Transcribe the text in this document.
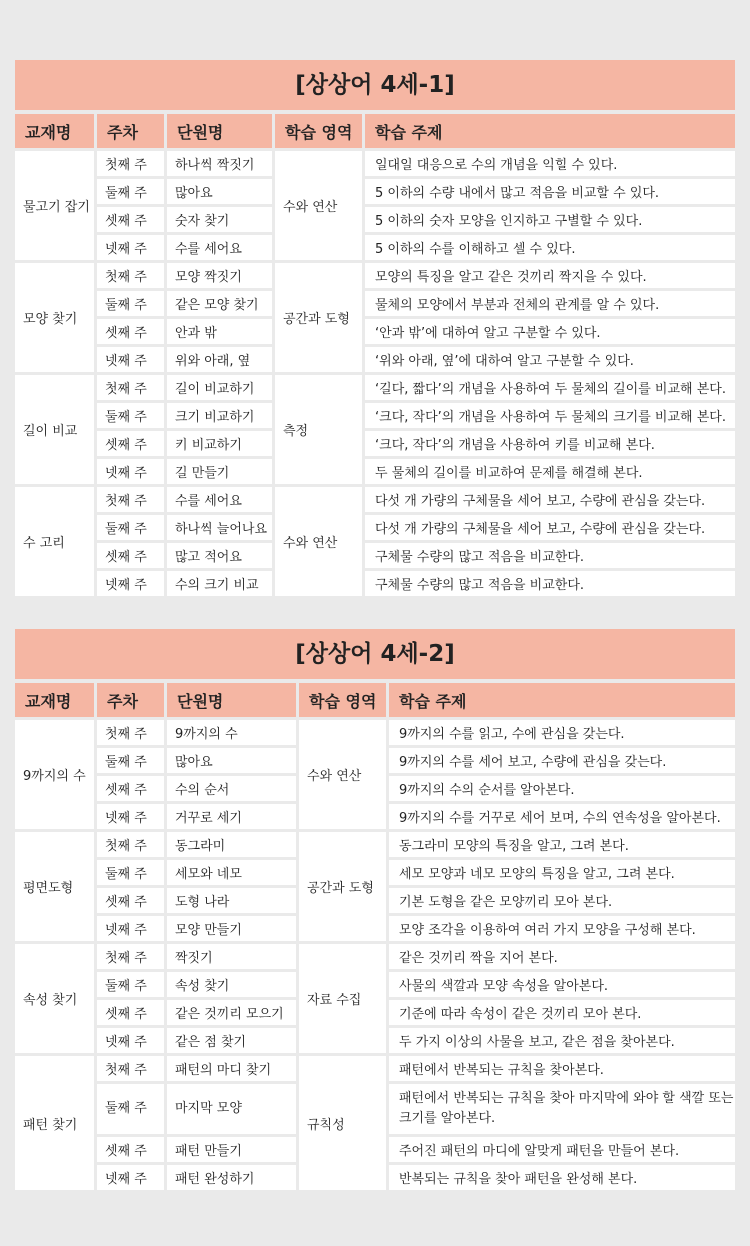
[상상어 4세-1]
교재명	주차	단원명	학습 영역	학습 주제
물고기 잡기	첫째 주	하나씩 짝짓기	수와 연산	일대일 대응으로 수의 개념을 익힐 수 있다.
	둘째 주	많아요		5 이하의 수량 내에서 많고 적음을 비교할 수 있다.
	셋째 주	숫자 찾기		5 이하의 숫자 모양을 인지하고 구별할 수 있다.
	넷째 주	수를 세어요		5 이하의 수를 이해하고 셀 수 있다.
모양 찾기	첫째 주	모양 짝짓기	공간과 도형	모양의 특징을 알고 같은 것끼리 짝지을 수 있다.
	둘째 주	같은 모양 찾기		물체의 모양에서 부분과 전체의 관계를 알 수 있다.
	셋째 주	안과 밖		‘안과 밖’에 대하여 알고 구분할 수 있다.
	넷째 주	위와 아래, 옆		‘위와 아래, 옆’에 대하여 알고 구분할 수 있다.
길이 비교	첫째 주	길이 비교하기	측정	‘길다, 짧다’의 개념을 사용하여 두 물체의 길이를 비교해 본다.
	둘째 주	크기 비교하기		‘크다, 작다’의 개념을 사용하여 두 물체의 크기를 비교해 본다.
	셋째 주	키 비교하기		‘크다, 작다’의 개념을 사용하여 키를 비교해 본다.
	넷째 주	길 만들기		두 물체의 길이를 비교하여 문제를 해결해 본다.
수 고리	첫째 주	수를 세어요	수와 연산	다섯 개 가량의 구체물을 세어 보고, 수량에 관심을 갖는다.
	둘째 주	하나씩 늘어나요		다섯 개 가량의 구체물을 세어 보고, 수량에 관심을 갖는다.
	셋째 주	많고 적어요		구체물 수량의 많고 적음을 비교한다.
	넷째 주	수의 크기 비교		구체물 수량의 많고 적음을 비교한다.
[상상어 4세-2]
교재명	주차	단원명	학습 영역	학습 주제
9까지의 수	첫째 주	9까지의 수	수와 연산	9까지의 수를 읽고, 수에 관심을 갖는다.
	둘째 주	많아요		9까지의 수를 세어 보고, 수량에 관심을 갖는다.
	셋째 주	수의 순서		9까지의 수의 순서를 알아본다.
	넷째 주	거꾸로 세기		9까지의 수를 거꾸로 세어 보며, 수의 연속성을 알아본다.
평면도형	첫째 주	동그라미	공간과 도형	동그라미 모양의 특징을 알고, 그려 본다.
	둘째 주	세모와 네모		세모 모양과 네모 모양의 특징을 알고, 그려 본다.
	셋째 주	도형 나라		기본 도형을 같은 모양끼리 모아 본다.
	넷째 주	모양 만들기		모양 조각을 이용하여 여러 가지 모양을 구성해 본다.
속성 찾기	첫째 주	짝짓기	자료 수집	같은 것끼리 짝을 지어 본다.
	둘째 주	속성 찾기		사물의 색깔과 모양 속성을 알아본다.
	셋째 주	같은 것끼리 모으기		기준에 따라 속성이 같은 것끼리 모아 본다.
	넷째 주	같은 점 찾기		두 가지 이상의 사물을 보고, 같은 점을 찾아본다.
패턴 찾기	첫째 주	패턴의 마디 찾기	규칙성	패턴에서 반복되는 규칙을 찾아본다.
	둘째 주	마지막 모양		패턴에서 반복되는 규칙을 찾아 마지막에 와야 할 색깔 또는 크기를 알아본다.
	셋째 주	패턴 만들기		주어진 패턴의 마디에 알맞게 패턴을 만들어 본다.
	넷째 주	패턴 완성하기		반복되는 규칙을 찾아 패턴을 완성해 본다.
